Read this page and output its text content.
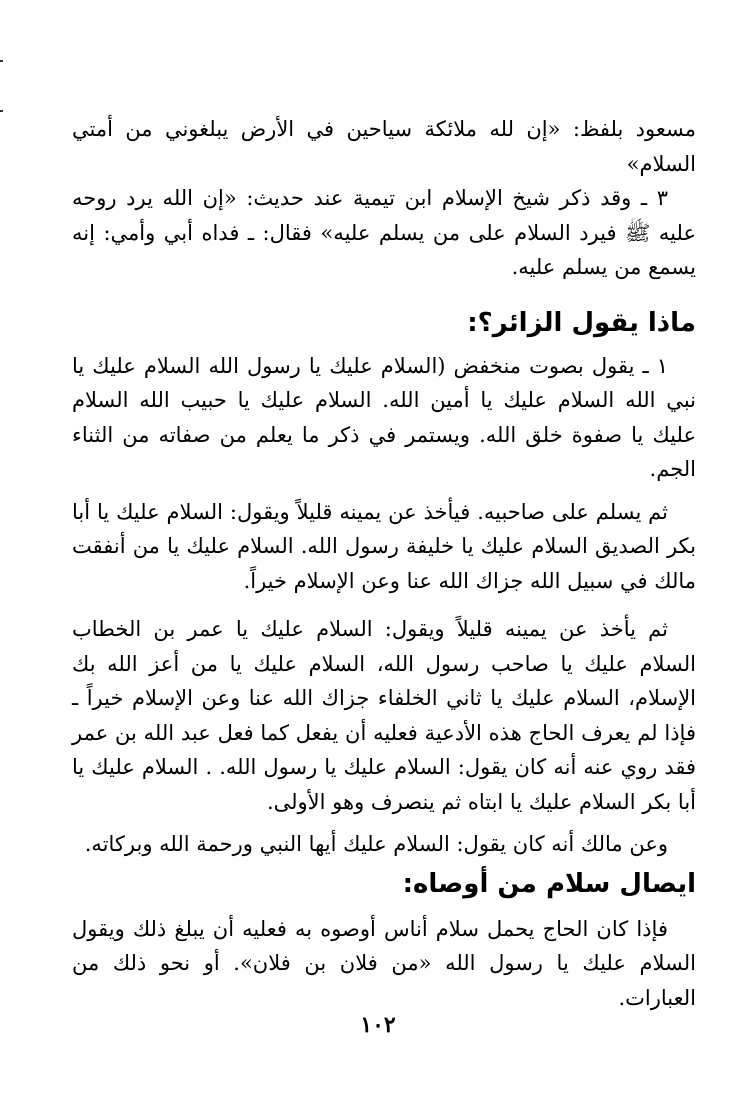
مسعود بلفظ: «إن لله ملائكة سياحين في الأرض يبلغوني من أمتي السلام»

٣ ـ وقد ذكر شيخ الإسلام ابن تيمية عند حديث: «إن الله يرد روحه عليه ﷺ فيرد السلام على من يسلم عليه» فقال: ـ فداه أبي وأمي: إنه يسمع من يسلم عليه.

ماذا يقول الزائر؟:

١ ـ يقول بصوت منخفض (السلام عليك يا رسول الله السلام عليك يا نبي الله السلام عليك يا أمين الله. السلام عليك يا حبيب الله السلام عليك يا صفوة خلق الله. ويستمر في ذكر ما يعلم من صفاته من الثناء الجم.

ثم يسلم على صاحبيه. فيأخذ عن يمينه قليلاً ويقول: السلام عليك يا أبا بكر الصديق السلام عليك يا خليفة رسول الله. السلام عليك يا من أنفقت مالك في سبيل الله جزاك الله عنا وعن الإسلام خيراً.

ثم يأخذ عن يمينه قليلاً ويقول: السلام عليك يا عمر بن الخطاب السلام عليك يا صاحب رسول الله، السلام عليك يا من أعز الله بك الإسلام، السلام عليك يا ثاني الخلفاء جزاك الله عنا وعن الإسلام خيراً ـ فإذا لم يعرف الحاج هذه الأدعية فعليه أن يفعل كما فعل عبد الله بن عمر فقد روي عنه أنه كان يقول: السلام عليك يا رسول الله. . السلام عليك يا أبا بكر السلام عليك يا ابتاه ثم ينصرف وهو الأولى.

وعن مالك أنه كان يقول: السلام عليك أيها النبي ورحمة الله وبركاته.

ايصال سلام من أوصاه:

فإذا كان الحاج يحمل سلام أناس أوصوه به فعليه أن يبلغ ذلك ويقول السلام عليك يا رسول الله «من فلان بن فلان». أو نحو ذلك من العبارات.

١٠٢
